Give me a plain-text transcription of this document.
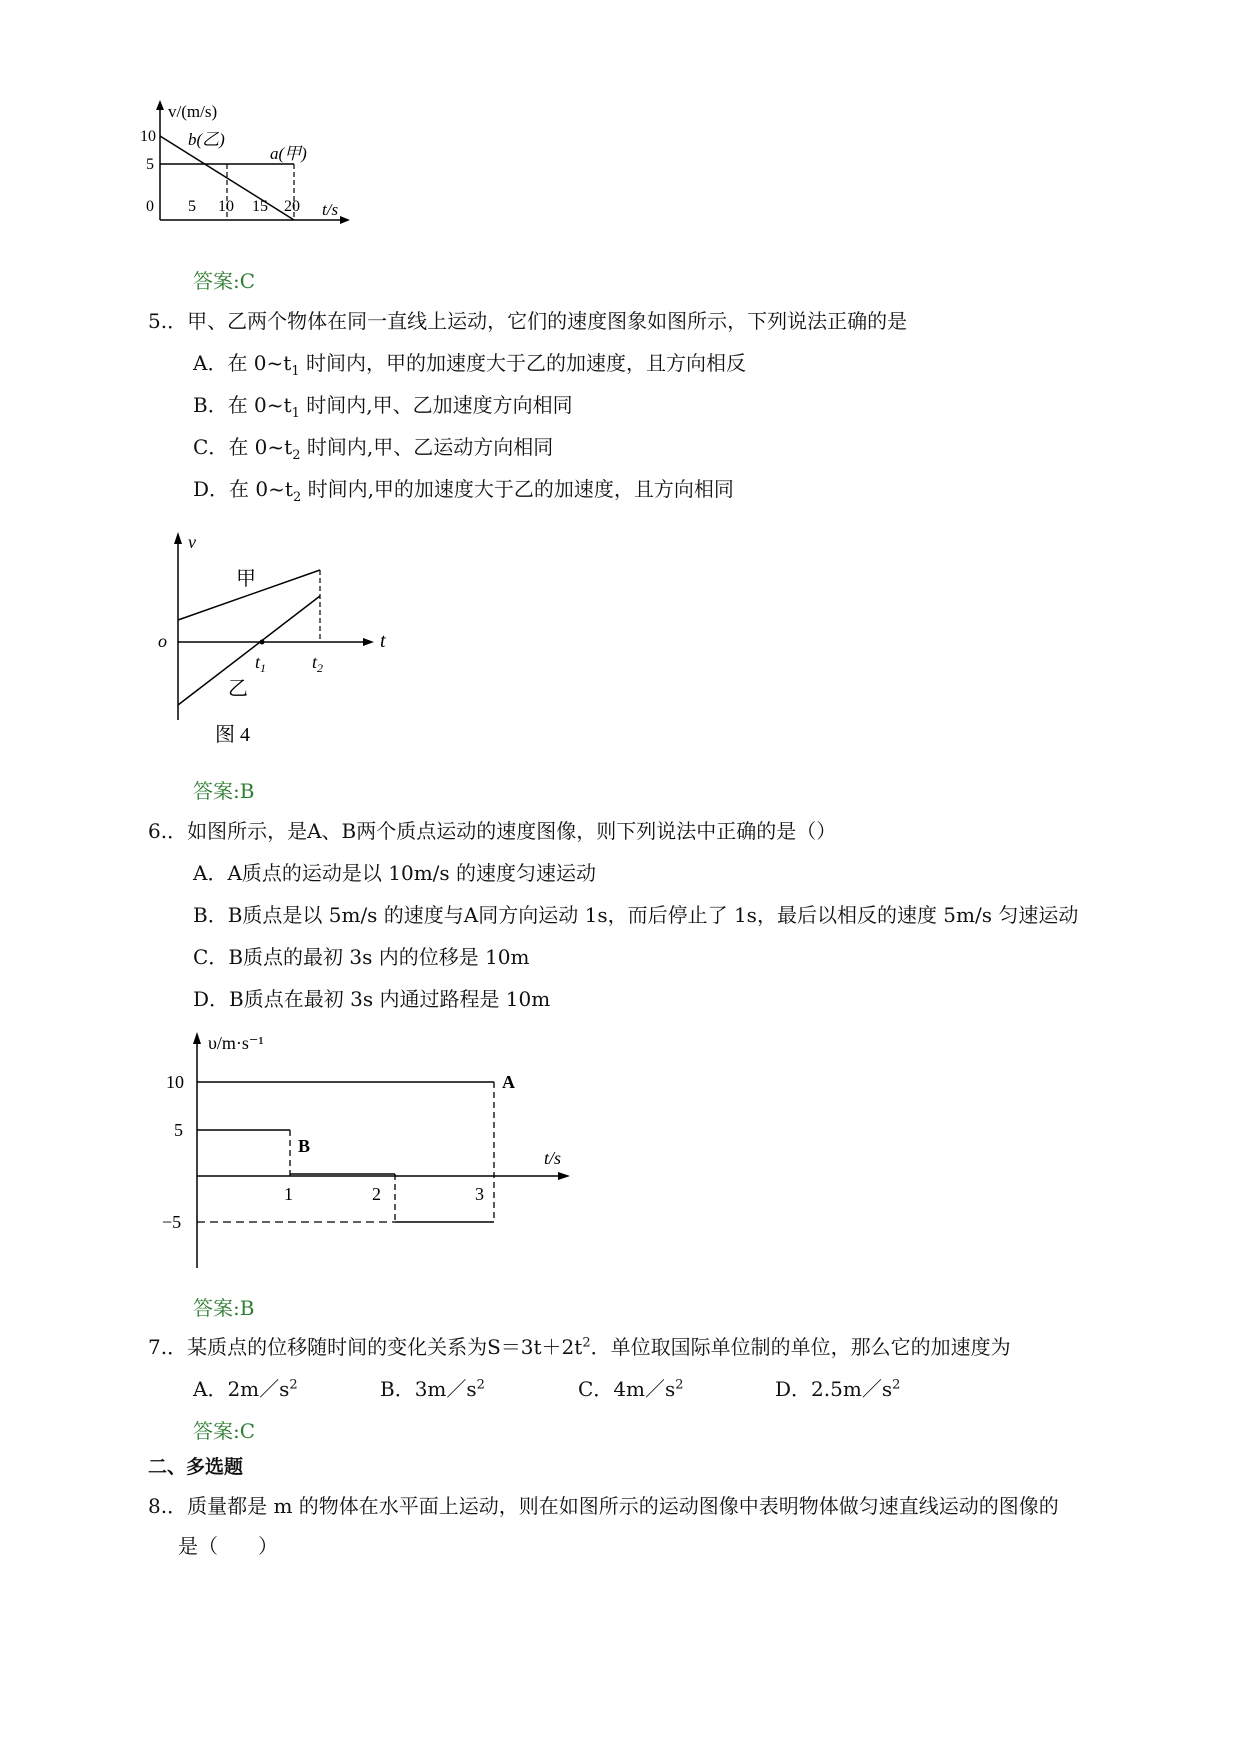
v/(m/s)
10
5
b(乙)
a(甲)
0 5 10 15 20 t/s
答案:C
5.．甲、乙两个物体在同一直线上运动，它们的速度图象如图所示，下列说法正确的是
A．在 $0\sim t_1$ 时间内，甲的加速度大于乙的加速度，且方向相反
B．在 $0\sim t_1$ 时间内,甲、乙加速度方向相同
C．在 $0\sim t_2$ 时间内,甲、乙运动方向相同
D．在 $0\sim t_2$ 时间内,甲的加速度大于乙的加速度，且方向相同
v
o
甲
乙
$t_1$	$t_2$
t
图 4
答案:B
6.．如图所示，是A、B两个质点运动的速度图像，则下列说法中正确的是（）
A．A质点的运动是以 10m/s 的速度匀速运动
B．B质点是以 5m/s 的速度与A同方向运动 1s，而后停止了 1s，最后以相反的速度 5m/s 匀速运动
C．B质点的最初 3s 内的位移是 10m
D．B质点在最初 3s 内通过路程是 10m
υ/m·s⁻¹
10
5
−5
A
B
1	2	3
t/s
答案:B
7.．某质点的位移随时间的变化关系为$S=3t+2t^2$．单位取国际单位制的单位，那么它的加速度为
A．$2m/s^2$	B．$3m/s^2$	C．$4m/s^2$	D．$2.5m/s^2$
答案:C
二、多选题
8.．质量都是 m 的物体在水平面上运动，则在如图所示的运动图像中表明物体做匀速直线运动的图像的
是（　　）
